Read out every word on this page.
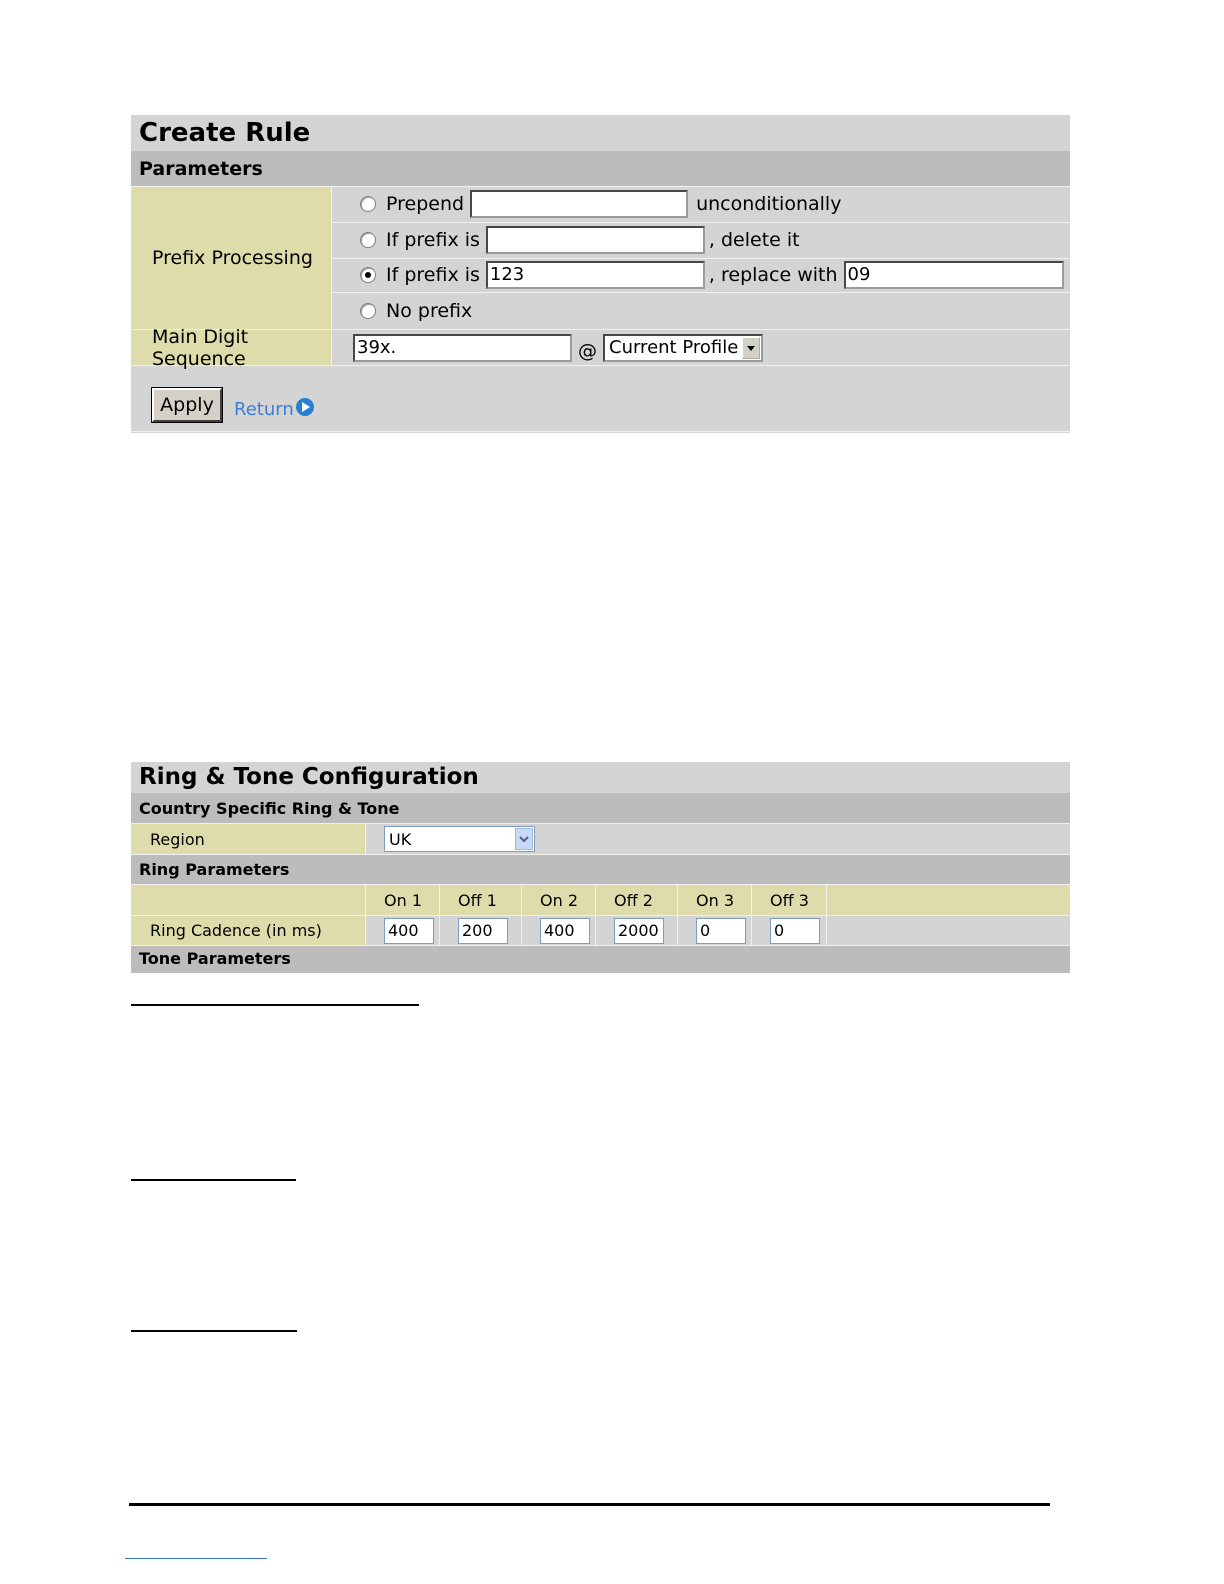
Create Rule
Parameters
Prefix Processing
Prepend	unconditionally
If prefix is	, delete it
If prefix is 123	, replace with 09
No prefix
Main Digit Sequence
39x.	@ Current Profile
Apply	Return
Ring & Tone Configuration
Country Specific Ring & Tone
Region	UK
Ring Parameters
On 1	Off 1	On 2	Off 2	On 3	Off 3
Ring Cadence (in ms)	400	200	400	2000	0	0
Tone Parameters
